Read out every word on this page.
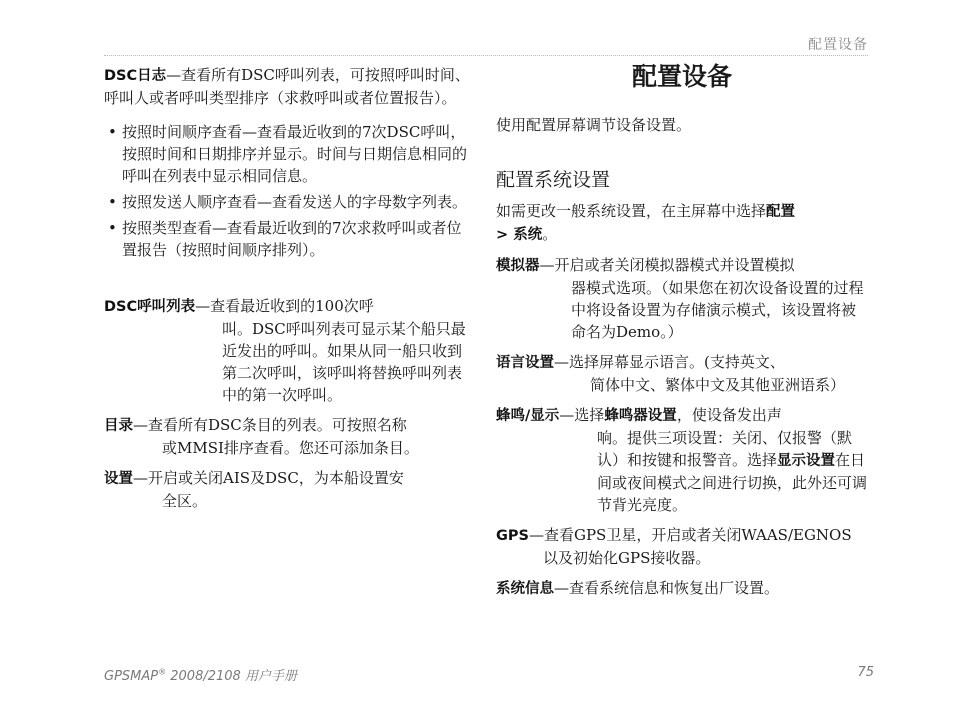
配置设备

DSC日志—查看所有DSC呼叫列表，可按照呼叫时间、呼叫人或者呼叫类型排序（求救呼叫或者位置报告）。

• 按照时间顺序查看—查看最近收到的7次DSC呼叫，按照时间和日期排序并显示。时间与日期信息相同的呼叫在列表中显示相同信息。
• 按照发送人顺序查看—查看发送人的字母数字列表。
• 按照类型查看—查看最近收到的7次求救呼叫或者位置报告（按照时间顺序排列）。

DSC呼叫列表—查看最近收到的100次呼

叫。DSC呼叫列表可显示某个船只最近发出的呼叫。如果从同一船只收到第二次呼叫，该呼叫将替换呼叫列表中的第一次呼叫。

目录—查看所有DSC条目的列表。可按照名称

或MMSI排序查看。您还可添加条目。

设置—开启或关闭AIS及DSC，为本船设置安

全区。
配置设备

使用配置屏幕调节设备设置。

配置系统设置

如需更改一般系统设置，在主屏幕中选择配置
> 系统。

模拟器—开启或者关闭模拟器模式并设置模拟

器模式选项。（如果您在初次设备设置的过程中将设备设置为存储演示模式，该设置将被命名为Demo。）

语言设置—选择屏幕显示语言。(支持英文、

简体中文、繁体中文及其他亚洲语系）

蜂鸣/显示—选择蜂鸣器设置，使设备发出声

响。提供三项设置：关闭、仅报警（默认）和按键和报警音。选择显示设置在日间或夜间模式之间进行切换，此外还可调节背光亮度。

GPS—查看GPS卫星，开启或者关闭WAAS/EGNOS

以及初始化GPS接收器。

系统信息—查看系统信息和恢复出厂设置。

GPSMAP® 2008/2108 用户手册	75
